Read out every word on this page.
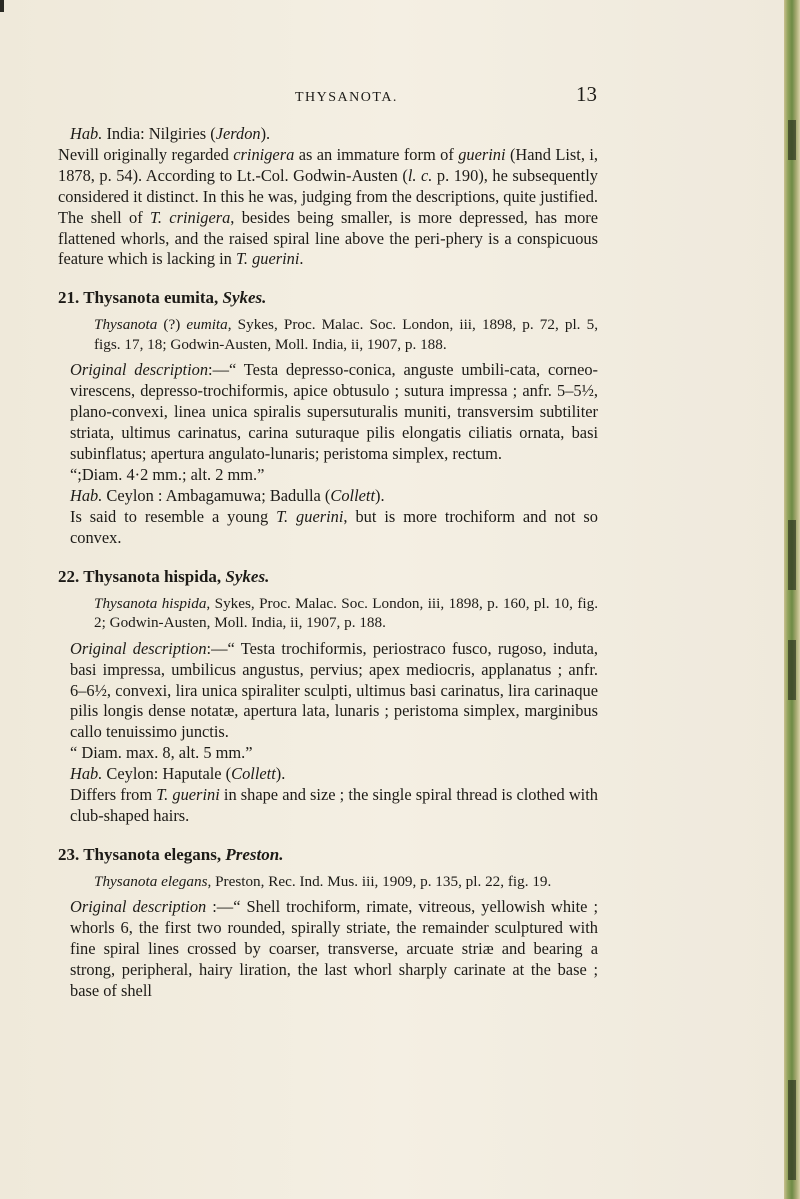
THYSANOTA.	13

Hab. India: Nilgiries (Jerdon).

Nevill originally regarded crinigera as an immature form of guerini (Hand List, i, 1878, p. 54). According to Lt.-Col. Godwin-Austen (l. c. p. 190), he subsequently considered it distinct. In this he was, judging from the descriptions, quite justified. The shell of T. crinigera, besides being smaller, is more depressed, has more flattened whorls, and the raised spiral line above the peri-phery is a conspicuous feature which is lacking in T. guerini.

21. Thysanota eumita, Sykes.

Thysanota (?) eumita, Sykes, Proc. Malac. Soc. London, iii, 1898, p. 72, pl. 5, figs. 17, 18; Godwin-Austen, Moll. India, ii, 1907, p. 188.

Original description:—“ Testa depresso-conica, anguste umbili-cata, corneo-virescens, depresso-trochiformis, apice obtusulo ; sutura impressa ; anfr. 5–5½, plano-convexi, linea unica spiralis supersuturalis muniti, transversim subtiliter striata, ultimus carinatus, carina suturaque pilis elongatis ciliatis ornata, basi subinflatus; apertura angulato-lunaris; peristoma simplex, rectum.

“;Diam. 4·2 mm.; alt. 2 mm.”

Hab. Ceylon : Ambagamuwa; Badulla (Collett).

Is said to resemble a young T. guerini, but is more trochiform and not so convex.

22. Thysanota hispida, Sykes.

Thysanota hispida, Sykes, Proc. Malac. Soc. London, iii, 1898, p. 160, pl. 10, fig. 2; Godwin-Austen, Moll. India, ii, 1907, p. 188.

Original description:—“ Testa trochiformis, periostraco fusco, rugoso, induta, basi impressa, umbilicus angustus, pervius; apex mediocris, applanatus ; anfr. 6–6½, convexi, lira unica spiraliter sculpti, ultimus basi carinatus, lira carinaque pilis longis dense notatæ, apertura lata, lunaris ; peristoma simplex, marginibus callo tenuissimo junctis.

“ Diam. max. 8, alt. 5 mm.”

Hab. Ceylon: Haputale (Collett).

Differs from T. guerini in shape and size ; the single spiral thread is clothed with club-shaped hairs.

23. Thysanota elegans, Preston.

Thysanota elegans, Preston, Rec. Ind. Mus. iii, 1909, p. 135, pl. 22, fig. 19.

Original description :—“ Shell trochiform, rimate, vitreous, yellowish white ; whorls 6, the first two rounded, spirally striate, the remainder sculptured with fine spiral lines crossed by coarser, transverse, arcuate striæ and bearing a strong, peripheral, hairy liration, the last whorl sharply carinate at the base ; base of shell
